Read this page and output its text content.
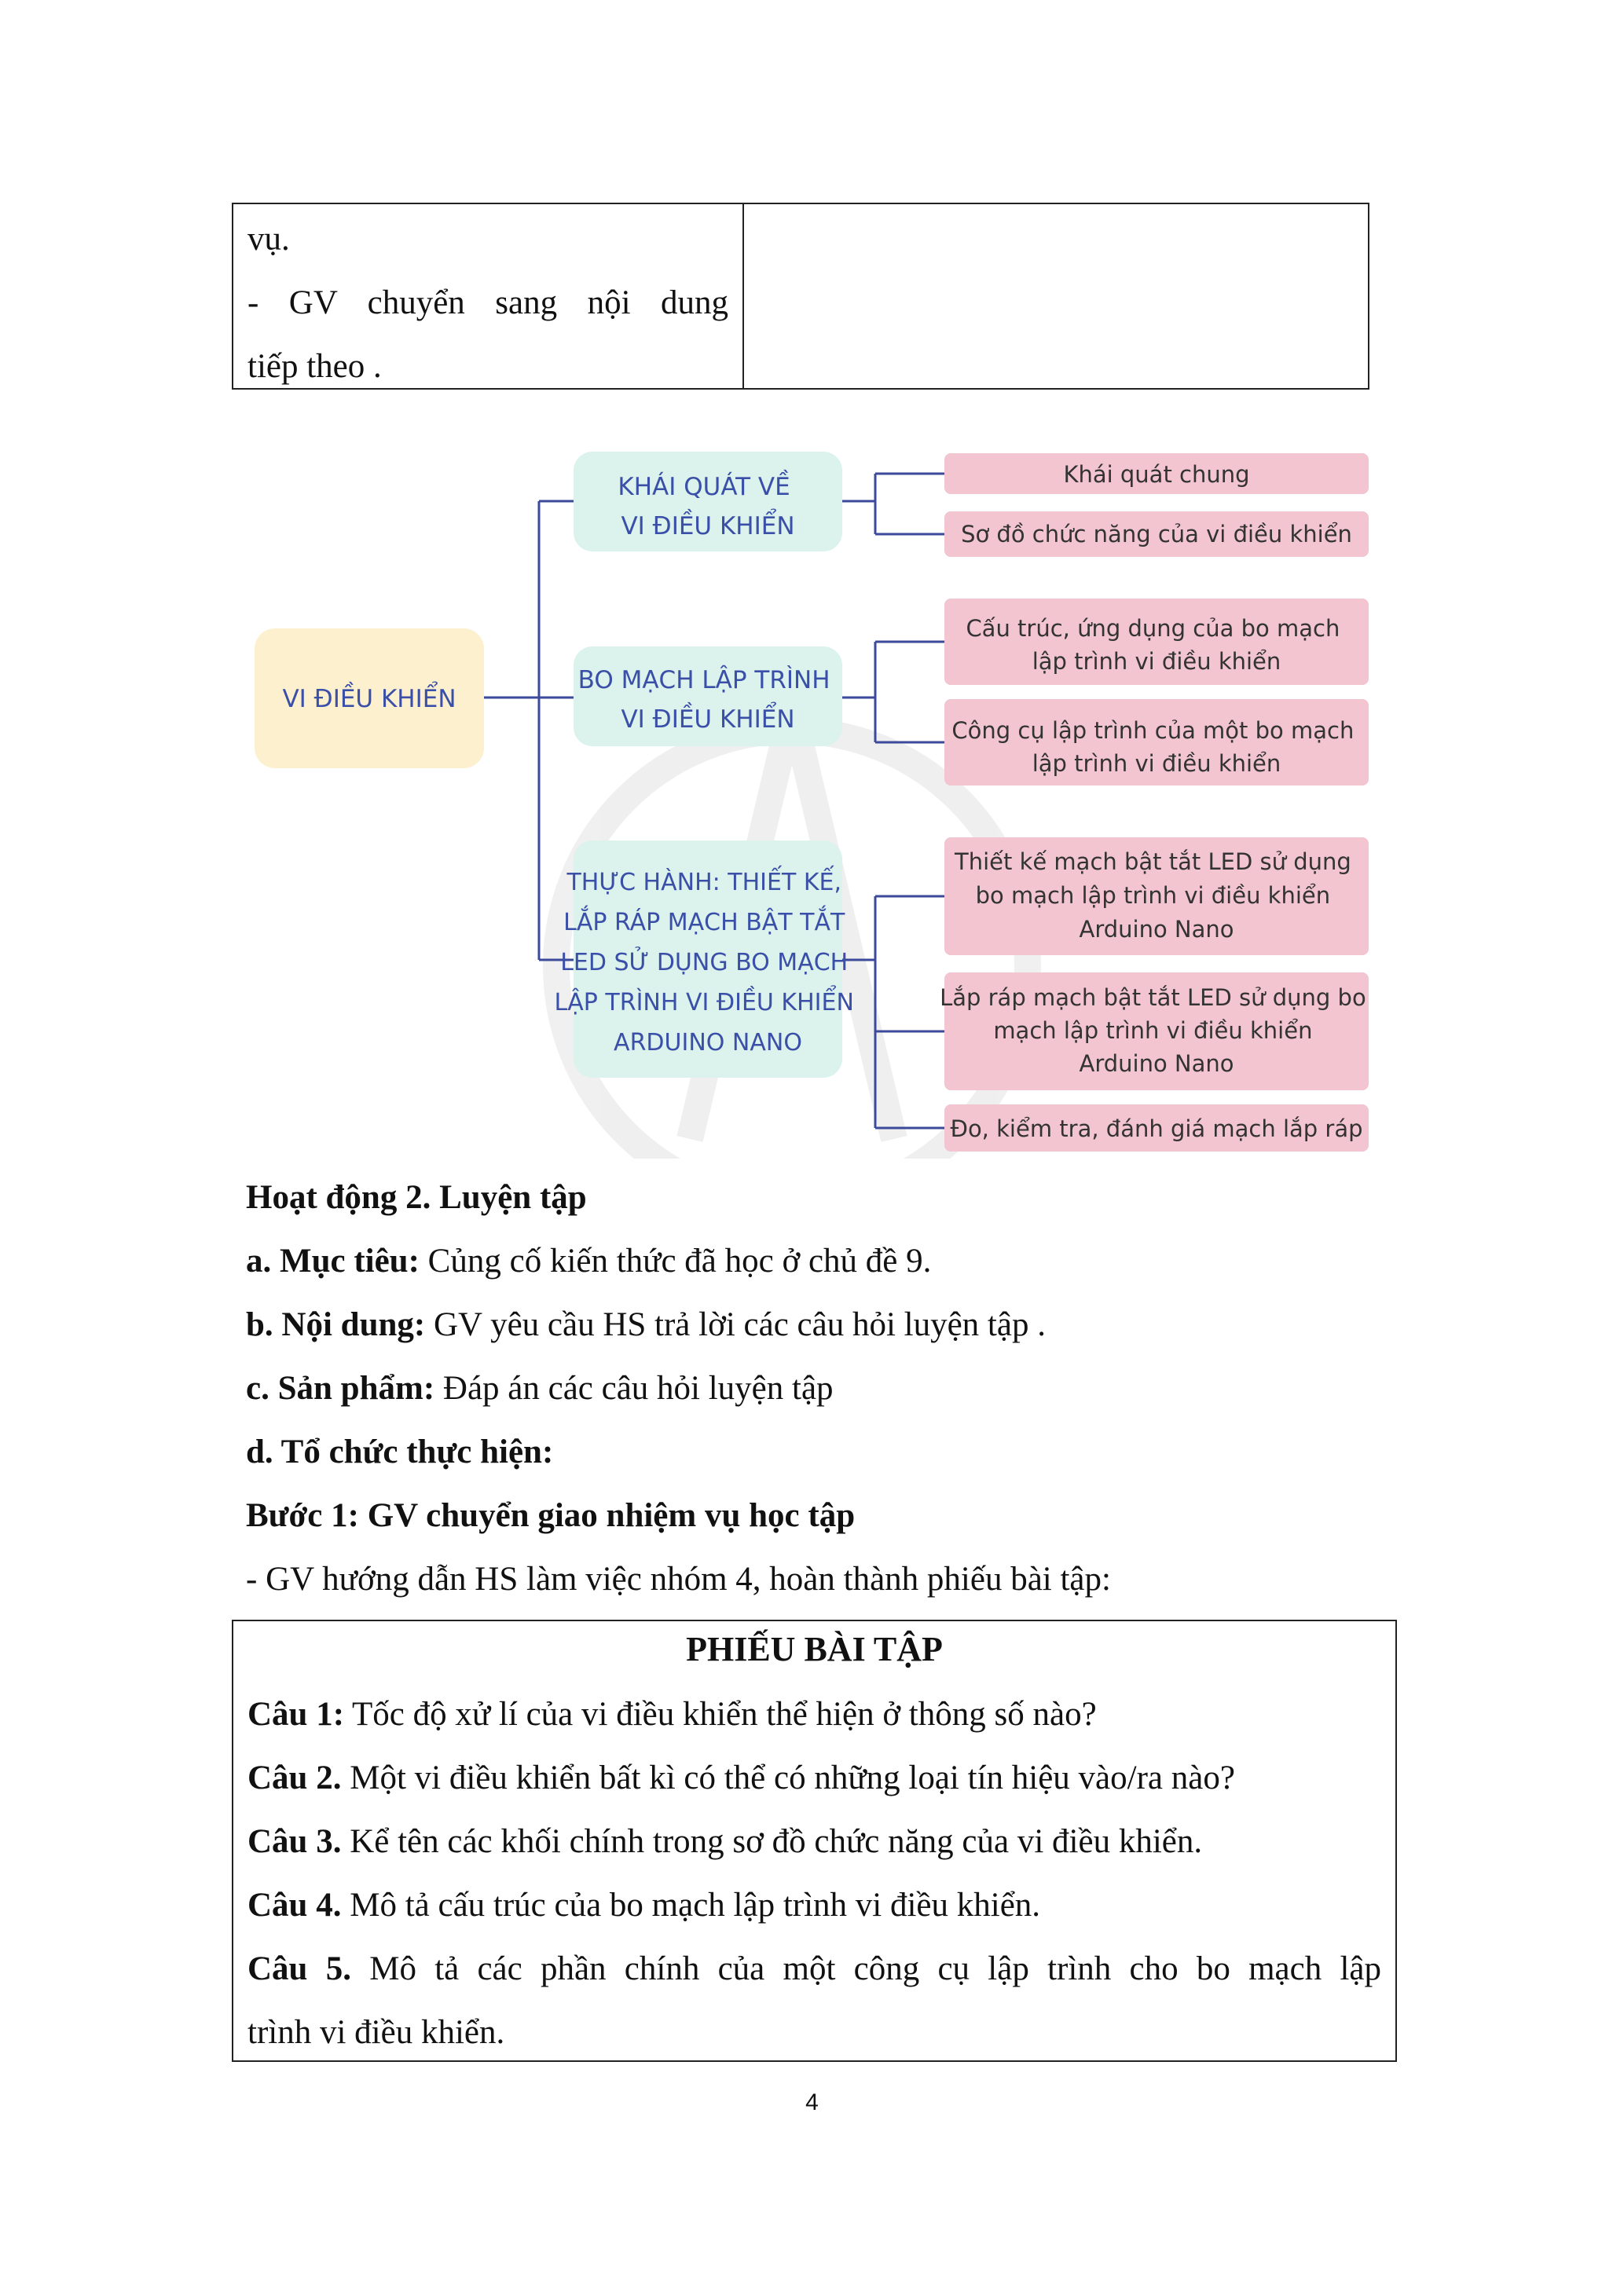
vụ.
- GV chuyển sang nội dung
tiếp theo .
VI ĐIỀU KHIỂN
KHÁI QUÁT VỀ VI ĐIỀU KHIỂN
BO MẠCH LẬP TRÌNH VI ĐIỀU KHIỂN
THỰC HÀNH: THIẾT KẾ, LẮP RÁP MẠCH BẬT TẮT LED SỬ DỤNG BO MẠCH LẬP TRÌNH VI ĐIỀU KHIỂN ARDUINO NANO
Khái quát chung
Sơ đồ chức năng của vi điều khiển
Cấu trúc, ứng dụng của bo mạch lập trình vi điều khiển
Công cụ lập trình của một bo mạch lập trình vi điều khiển
Thiết kế mạch bật tắt LED sử dụng bo mạch lập trình vi điều khiển Arduino Nano
Lắp ráp mạch bật tắt LED sử dụng bo mạch lập trình vi điều khiển Arduino Nano
Đo, kiểm tra, đánh giá mạch lắp ráp
Hoạt động 2. Luyện tập
a. Mục tiêu: Củng cố kiến thức đã học ở chủ đề 9.
b. Nội dung: GV yêu cầu HS trả lời các câu hỏi luyện tập .
c. Sản phẩm: Đáp án các câu hỏi luyện tập
d. Tổ chức thực hiện:
Bước 1: GV chuyển giao nhiệm vụ học tập
- GV hướng dẫn HS làm việc nhóm 4, hoàn thành phiếu bài tập:
PHIẾU BÀI TẬP
Câu 1: Tốc độ xử lí của vi điều khiển thể hiện ở thông số nào?
Câu 2. Một vi điều khiển bất kì có thể có những loại tín hiệu vào/ra nào?
Câu 3. Kể tên các khối chính trong sơ đồ chức năng của vi điều khiển.
Câu 4. Mô tả cấu trúc của bo mạch lập trình vi điều khiển.
Câu 5. Mô tả các phần chính của một công cụ lập trình cho bo mạch lập
trình vi điều khiển.
4
